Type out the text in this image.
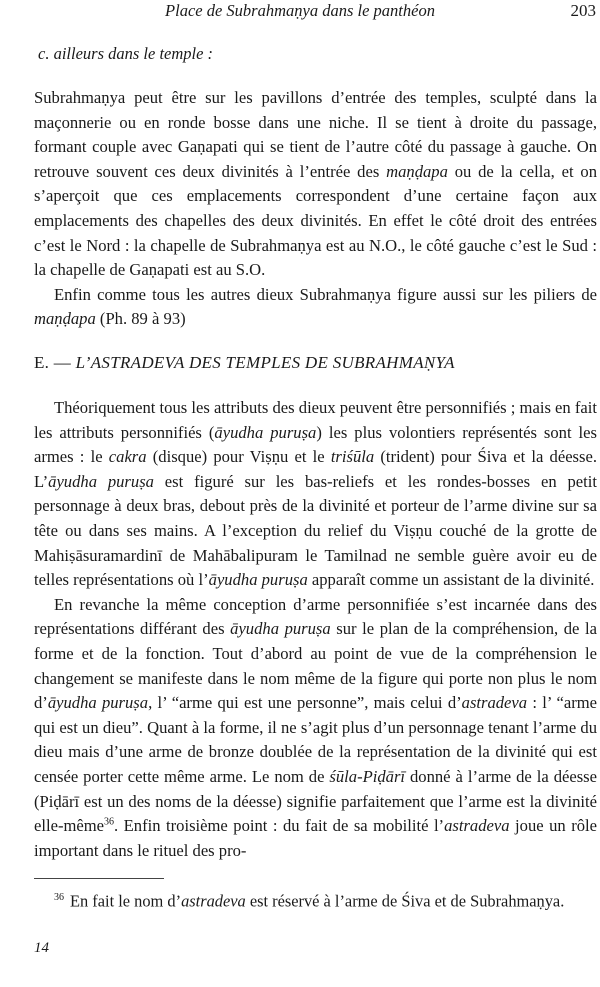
Place de Subrahmaṇya dans le panthéon	203
c. ailleurs dans le temple :

Subrahmaṇya peut être sur les pavillons d’entrée des temples, sculpté dans la maçonnerie ou en ronde bosse dans une niche. Il se tient à droite du passage, formant couple avec Gaṇapati qui se tient de l’autre côté du passage à gauche. On retrouve souvent ces deux divinités à l’entrée des maṇḍapa ou de la cella, et on s’aperçoit que ces emplacements correspondent d’une certaine façon aux emplacements des chapelles des deux divinités. En effet le côté droit des entrées c’est le Nord : la chapelle de Subrahmaṇya est au N.O., le côté gauche c’est le Sud : la chapelle de Gaṇapati est au S.O.

Enfin comme tous les autres dieux Subrahmaṇya figure aussi sur les piliers de maṇḍapa (Ph. 89 à 93)

E. — L’ASTRADEVA DES TEMPLES DE SUBRAHMAṆYA

Théoriquement tous les attributs des dieux peuvent être personnifiés ; mais en fait les attributs personnifiés (āyudha puruṣa) les plus volontiers représentés sont les armes : le cakra (disque) pour Viṣṇu et le triśūla (trident) pour Śiva et la déesse. L’āyudha puruṣa est figuré sur les bas-reliefs et les rondes-bosses en petit personnage à deux bras, debout près de la divinité et porteur de l’arme divine sur sa tête ou dans ses mains. A l’exception du relief du Viṣṇu couché de la grotte de Mahiṣāsuramardinī de Mahābalipuram le Tamilnad ne semble guère avoir eu de telles représentations où l’āyudha puruṣa apparaît comme un assistant de la divinité.

En revanche la même conception d’arme personnifiée s’est incarnée dans des représentations différant des āyudha puruṣa sur le plan de la compréhension, de la forme et de la fonction. Tout d’abord au point de vue de la compréhension le changement se manifeste dans le nom même de la figure qui porte non plus le nom d’āyudha puruṣa, l’ “arme qui est une personne”, mais celui d’astradeva : l’ “arme qui est un dieu”. Quant à la forme, il ne s’agit plus d’un personnage tenant l’arme du dieu mais d’une arme de bronze doublée de la représentation de la divinité qui est censée porter cette même arme. Le nom de śūla-Piḍārī donné à l’arme de la déesse (Piḍārī est un des noms de la déesse) signifie parfaitement que l’arme est la divinité elle-même$^{36}$. Enfin troisième point : du fait de sa mobilité l’astradeva joue un rôle important dans le rituel des pro-

$^{36}$ En fait le nom d’astradeva est réservé à l’arme de Śiva et de Subrahmaṇya.
14
